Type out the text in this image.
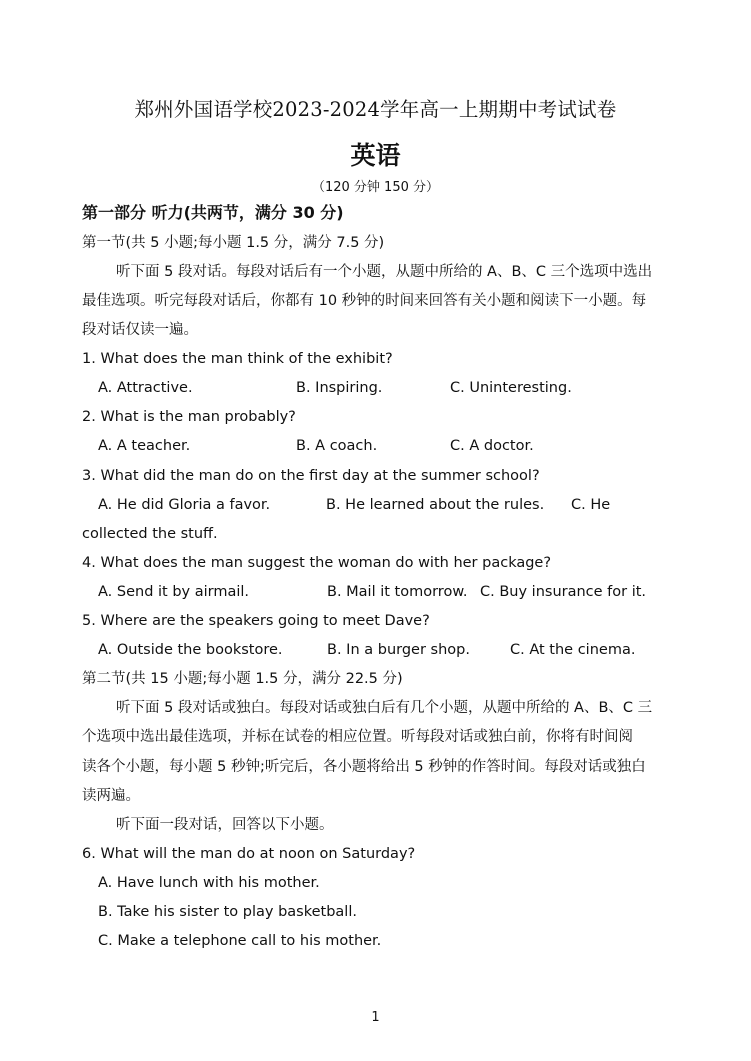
郑州外国语学校2023-2024学年高一上期期中考试试卷
英语
（120 分钟 150 分）
第一部分 听力(共两节，满分 30 分)
第一节(共 5 小题;每小题 1.5 分，满分 7.5 分)
听下面 5 段对话。每段对话后有一个小题，从题中所给的 A、B、C 三个选项中选出
最佳选项。听完每段对话后，你都有 10 秒钟的时间来回答有关小题和阅读下一小题。每
段对话仅读一遍。
1. What does the man think of the exhibit?
A. Attractive.	B. Inspiring.	C. Uninteresting.
2. What is the man probably?
A. A teacher.	B. A coach.	C. A doctor.
3. What did the man do on the first day at the summer school?
A. He did Gloria a favor.	B. He learned about the rules. C. He
collected the stuff.
4. What does the man suggest the woman do with her package?
A. Send it by airmail.	B. Mail it tomorrow. C. Buy insurance for it.
5. Where are the speakers going to meet Dave?
A. Outside the bookstore.	B. In a burger shop.	C. At the cinema.
第二节(共 15 小题;每小题 1.5 分，满分 22.5 分)
听下面 5 段对话或独白。每段对话或独白后有几个小题，从题中所给的 A、B、C 三
个选项中选出最佳选项，并标在试卷的相应位置。听每段对话或独白前，你将有时间阅
读各个小题，每小题 5 秒钟;听完后，各小题将给出 5 秒钟的作答时间。每段对话或独白
读两遍。
听下面一段对话，回答以下小题。
6. What will the man do at noon on Saturday?
A. Have lunch with his mother.
B. Take his sister to play basketball.
C. Make a telephone call to his mother.
1
